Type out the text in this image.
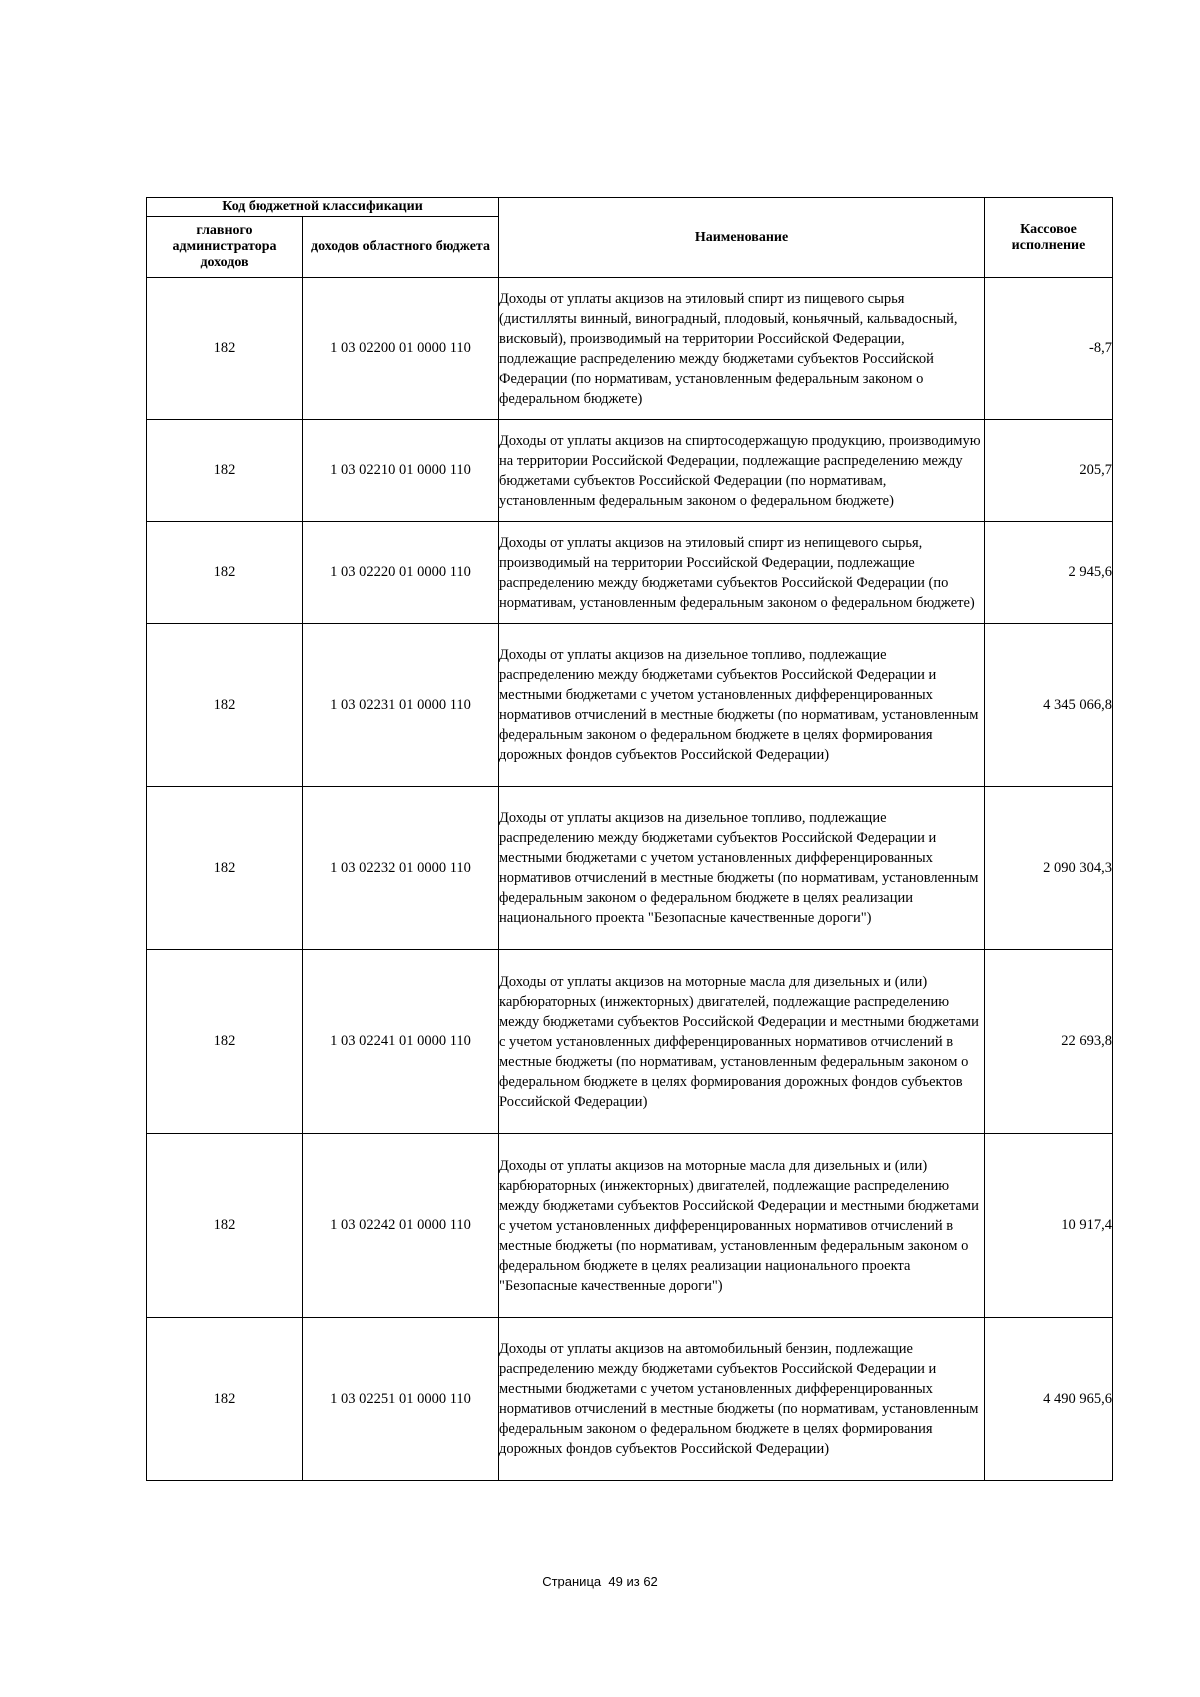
Код бюджетной классификации		Наименование	Кассовое исполнение
главного администратора доходов	доходов областного бюджета		
182	1 03 02200 01 0000 110	Доходы от уплаты акцизов на этиловый спирт из пищевого сырья (дистилляты винный, виноградный, плодовый, коньячный, кальвадосный, висковый), производимый на территории Российской Федерации, подлежащие распределению между бюджетами субъектов Российской Федерации (по нормативам, установленным федеральным законом о федеральном бюджете)	-8,7
182	1 03 02210 01 0000 110	Доходы от уплаты акцизов на спиртосодержащую продукцию, производимую на территории Российской Федерации, подлежащие распределению между бюджетами субъектов Российской Федерации (по нормативам, установленным федеральным законом о федеральном бюджете)	205,7
182	1 03 02220 01 0000 110	Доходы от уплаты акцизов на этиловый спирт из непищевого сырья, производимый на территории Российской Федерации, подлежащие распределению между бюджетами субъектов Российской Федерации (по нормативам, установленным федеральным законом о федеральном бюджете)	2 945,6
182	1 03 02231 01 0000 110	Доходы от уплаты акцизов на дизельное топливо, подлежащие распределению между бюджетами субъектов Российской Федерации и местными бюджетами с учетом установленных дифференцированных нормативов отчислений в местные бюджеты (по нормативам, установленным федеральным законом о федеральном бюджете в целях формирования дорожных фондов субъектов Российской Федерации)	4 345 066,8
182	1 03 02232 01 0000 110	Доходы от уплаты акцизов на дизельное топливо, подлежащие распределению между бюджетами субъектов Российской Федерации и местными бюджетами с учетом установленных дифференцированных нормативов отчислений в местные бюджеты (по нормативам, установленным федеральным законом о федеральном бюджете в целях реализации национального проекта "Безопасные качественные дороги")	2 090 304,3
182	1 03 02241 01 0000 110	Доходы от уплаты акцизов на моторные масла для дизельных и (или) карбюраторных (инжекторных) двигателей, подлежащие распределению между бюджетами субъектов Российской Федерации и местными бюджетами с учетом установленных дифференцированных нормативов отчислений в местные бюджеты (по нормативам, установленным федеральным законом о федеральном бюджете в целях формирования дорожных фондов субъектов Российской Федерации)	22 693,8
182	1 03 02242 01 0000 110	Доходы от уплаты акцизов на моторные масла для дизельных и (или) карбюраторных (инжекторных) двигателей, подлежащие распределению между бюджетами субъектов Российской Федерации и местными бюджетами с учетом установленных дифференцированных нормативов отчислений в местные бюджеты (по нормативам, установленным федеральным законом о федеральном бюджете в целях реализации национального проекта "Безопасные качественные дороги")	10 917,4
182	1 03 02251 01 0000 110	Доходы от уплаты акцизов на автомобильный бензин, подлежащие распределению между бюджетами субъектов Российской Федерации и местными бюджетами с учетом установленных дифференцированных нормативов отчислений в местные бюджеты (по нормативам, установленным федеральным законом о федеральном бюджете в целях формирования дорожных фондов субъектов Российской Федерации)	4 490 965,6
Страница 49 из 62
